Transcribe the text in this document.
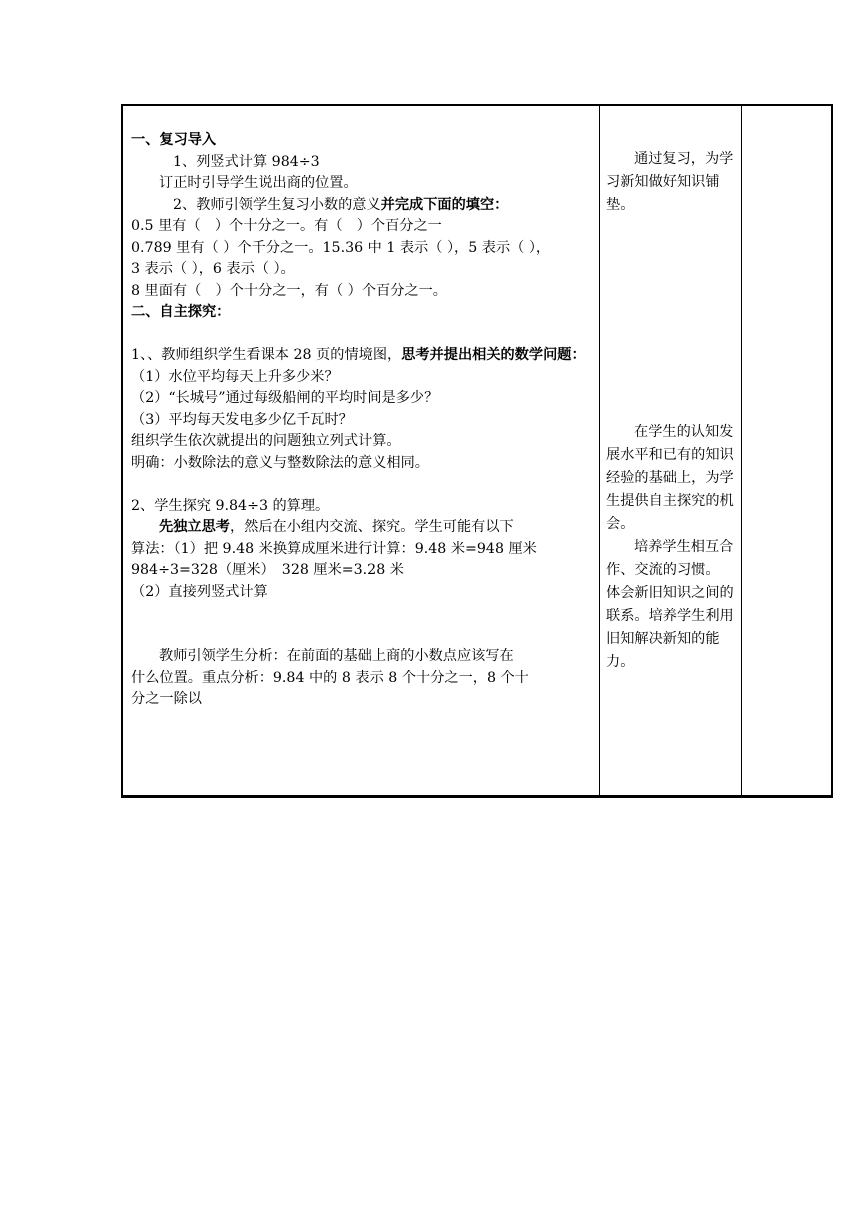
一、复习导入

1、列竖式计算 984÷3

订正时引导学生说出商的位置。

2、教师引领学生复习小数的意义并完成下面的填空：

0.5 里有（　）个十分之一。有（　）个百分之一

0.789 里有（ ）个千分之一。15.36 中 1 表示（ ），5 表示（ ），

3 表示（ ），6 表示（ ）。

8 里面有（　）个十分之一，有（ ）个百分之一。

二、自主探究：

1、、教师组织学生看课本 28 页的情境图，思考并提出相关的数学问题：

（1）水位平均每天上升多少米？

（2）“长城号”通过每级船闸的平均时间是多少？

（3）平均每天发电多少亿千瓦时？

组织学生依次就提出的问题独立列式计算。

明确：小数除法的意义与整数除法的意义相同。

2、学生探究 9.84÷3 的算理。

先独立思考，然后在小组内交流、探究。学生可能有以下

算法：（1）把 9.48 米换算成厘米进行计算：9.48 米=948 厘米

984÷3=328（厘米）　328 厘米=3.28 米

（2）直接列竖式计算

教师引领学生分析：在前面的基础上商的小数点应该写在

什么位置。重点分析：9.84 中的 8 表示 8 个十分之一，8 个十

分之一除以

通过复习，为学习新知做好知识铺垫。

在学生的认知发展水平和已有的知识经验的基础上，为学生提供自主探究的机会。

培养学生相互合作、交流的习惯。

体会新旧知识之间的联系。培养学生利用旧知解决新知的能力。
